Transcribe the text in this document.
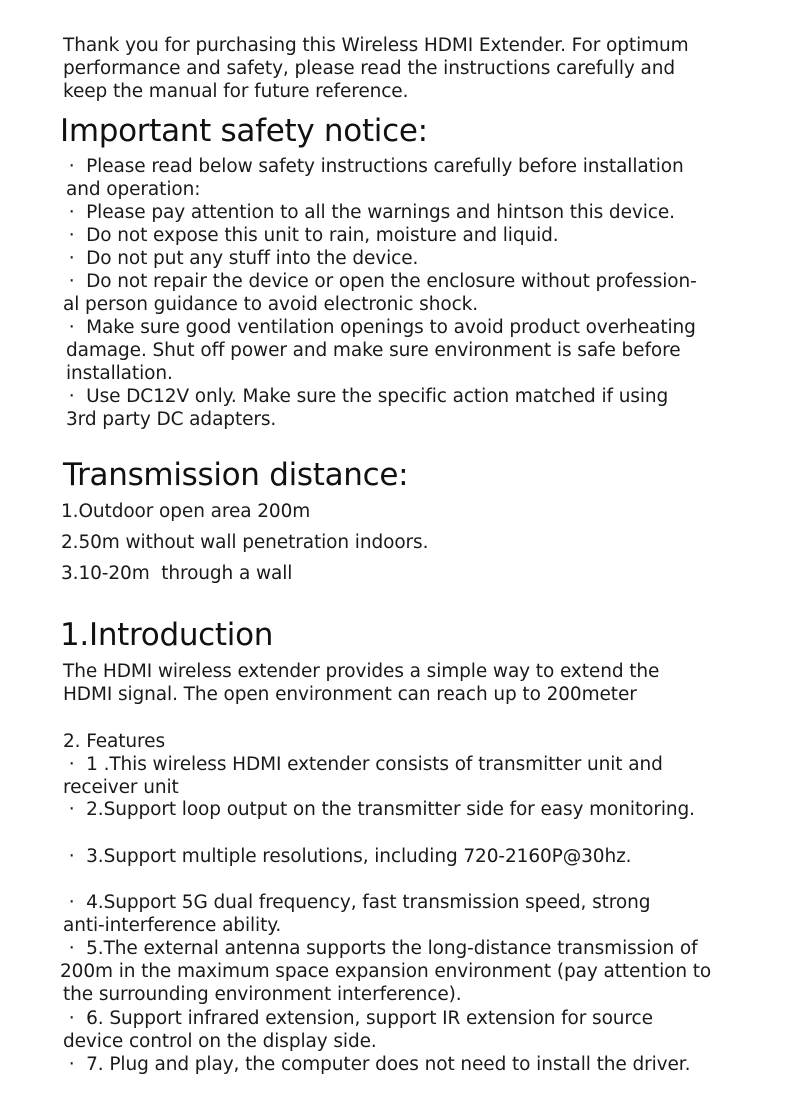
Thank you for purchasing this Wireless HDMI Extender. For optimum
performance and safety, please read the instructions carefully and
keep the manual for future reference.
Important safety notice:
·  Please read below safety instructions carefully before installation
and operation:
·  Please pay attention to all the warnings and hintson this device.
·  Do not expose this unit to rain, moisture and liquid.
·  Do not put any stuff into the device.
·  Do not repair the device or open the enclosure without profession-
al person guidance to avoid electronic shock.
·  Make sure good ventilation openings to avoid product overheating
damage. Shut off power and make sure environment is safe before
installation.
·  Use DC12V only. Make sure the specific action matched if using
3rd party DC adapters.
Transmission distance:
1.Outdoor open area 200m
2.50m without wall penetration indoors.
3.10-20m  through a wall
1.Introduction
The HDMI wireless extender provides a simple way to extend the
HDMI signal. The open environment can reach up to 200meter
2. Features
·  1 .This wireless HDMI extender consists of transmitter unit and
receiver unit
·  2.Support loop output on the transmitter side for easy monitoring.
·  3.Support multiple resolutions, including 720-2160P@30hz.
·  4.Support 5G dual frequency, fast transmission speed, strong
anti-interference ability.
·  5.The external antenna supports the long-distance transmission of
200m in the maximum space expansion environment (pay attention to
the surrounding environment interference).
·  6. Support infrared extension, support IR extension for source
device control on the display side.
·  7. Plug and play, the computer does not need to install the driver.
